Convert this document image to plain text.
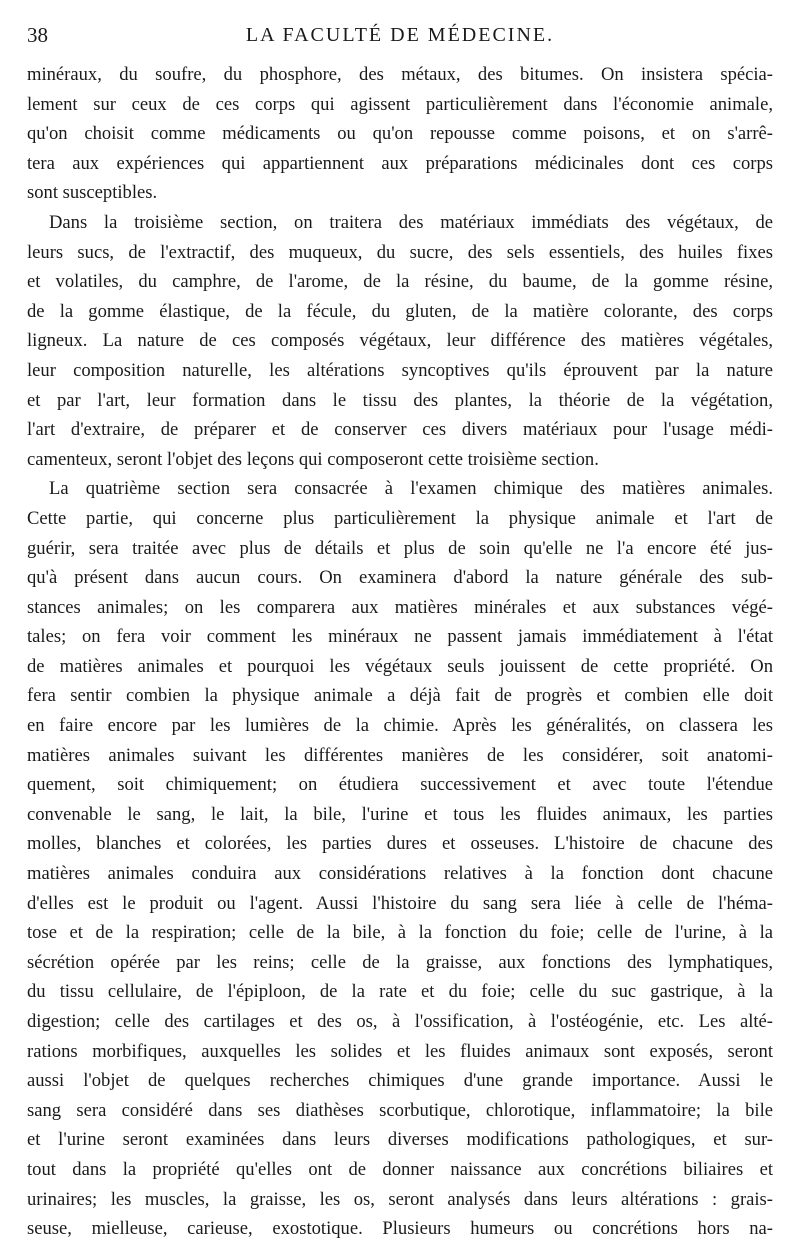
38	LA FACULTÉ DE MÉDECINE.
minéraux, du soufre, du phosphore, des métaux, des bitumes. On insistera spécia-
lement sur ceux de ces corps qui agissent particulièrement dans l'économie animale,
qu'on choisit comme médicaments ou qu'on repousse comme poisons, et on s'arrê-
tera aux expériences qui appartiennent aux préparations médicinales dont ces corps
sont susceptibles.
Dans la troisième section, on traitera des matériaux immédiats des végétaux, de
leurs sucs, de l'extractif, des muqueux, du sucre, des sels essentiels, des huiles fixes
et volatiles, du camphre, de l'arome, de la résine, du baume, de la gomme résine,
de la gomme élastique, de la fécule, du gluten, de la matière colorante, des corps
ligneux. La nature de ces composés végétaux, leur différence des matières végétales,
leur composition naturelle, les altérations syncoptives qu'ils éprouvent par la nature
et par l'art, leur formation dans le tissu des plantes, la théorie de la végétation,
l'art d'extraire, de préparer et de conserver ces divers matériaux pour l'usage médi-
camenteux, seront l'objet des leçons qui composeront cette troisième section.
La quatrième section sera consacrée à l'examen chimique des matières animales.
Cette partie, qui concerne plus particulièrement la physique animale et l'art de
guérir, sera traitée avec plus de détails et plus de soin qu'elle ne l'a encore été jus-
qu'à présent dans aucun cours. On examinera d'abord la nature générale des sub-
stances animales; on les comparera aux matières minérales et aux substances végé-
tales; on fera voir comment les minéraux ne passent jamais immédiatement à l'état
de matières animales et pourquoi les végétaux seuls jouissent de cette propriété. On
fera sentir combien la physique animale a déjà fait de progrès et combien elle doit
en faire encore par les lumières de la chimie. Après les généralités, on classera les
matières animales suivant les différentes manières de les considérer, soit anatomi-
quement, soit chimiquement; on étudiera successivement et avec toute l'étendue
convenable le sang, le lait, la bile, l'urine et tous les fluides animaux, les parties
molles, blanches et colorées, les parties dures et osseuses. L'histoire de chacune des
matières animales conduira aux considérations relatives à la fonction dont chacune
d'elles est le produit ou l'agent. Aussi l'histoire du sang sera liée à celle de l'héma-
tose et de la respiration; celle de la bile, à la fonction du foie; celle de l'urine, à la
sécrétion opérée par les reins; celle de la graisse, aux fonctions des lymphatiques,
du tissu cellulaire, de l'épiploon, de la rate et du foie; celle du suc gastrique, à la
digestion; celle des cartilages et des os, à l'ossification, à l'ostéogénie, etc. Les alté-
rations morbifiques, auxquelles les solides et les fluides animaux sont exposés, seront
aussi l'objet de quelques recherches chimiques d'une grande importance. Aussi le
sang sera considéré dans ses diathèses scorbutique, chlorotique, inflammatoire; la bile
et l'urine seront examinées dans leurs diverses modifications pathologiques, et sur-
tout dans la propriété qu'elles ont de donner naissance aux concrétions biliaires et
urinaires; les muscles, la graisse, les os, seront analysés dans leurs altérations : grais-
seuse, mielleuse, carieuse, exostotique. Plusieurs humeurs ou concrétions hors na-
